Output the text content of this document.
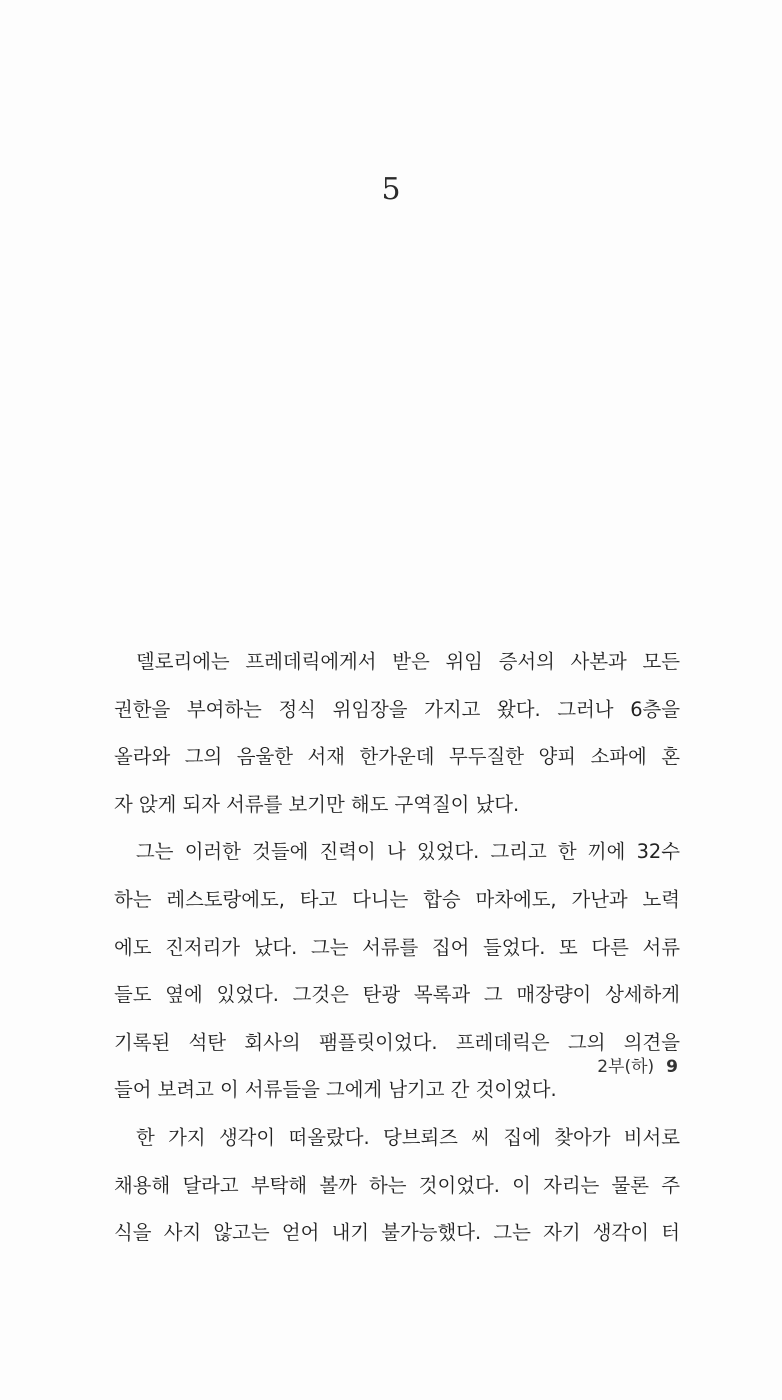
5
델로리에는 프레데릭에게서 받은 위임 증서의 사본과 모든
권한을 부여하는 정식 위임장을 가지고 왔다. 그러나 6층을
올라와 그의 음울한 서재 한가운데 무두질한 양피 소파에 혼
자 앉게 되자 서류를 보기만 해도 구역질이 났다.
그는 이러한 것들에 진력이 나 있었다. 그리고 한 끼에 32수
하는 레스토랑에도, 타고 다니는 합승 마차에도, 가난과 노력
에도 진저리가 났다. 그는 서류를 집어 들었다. 또 다른 서류
들도 옆에 있었다. 그것은 탄광 목록과 그 매장량이 상세하게
기록된 석탄 회사의 팸플릿이었다. 프레데릭은 그의 의견을
들어 보려고 이 서류들을 그에게 남기고 간 것이었다.
한 가지 생각이 떠올랐다. 당브뢰즈 씨 집에 찾아가 비서로
채용해 달라고 부탁해 볼까 하는 것이었다. 이 자리는 물론 주
식을 사지 않고는 얻어 내기 불가능했다. 그는 자기 생각이 터
2부(하) 9
